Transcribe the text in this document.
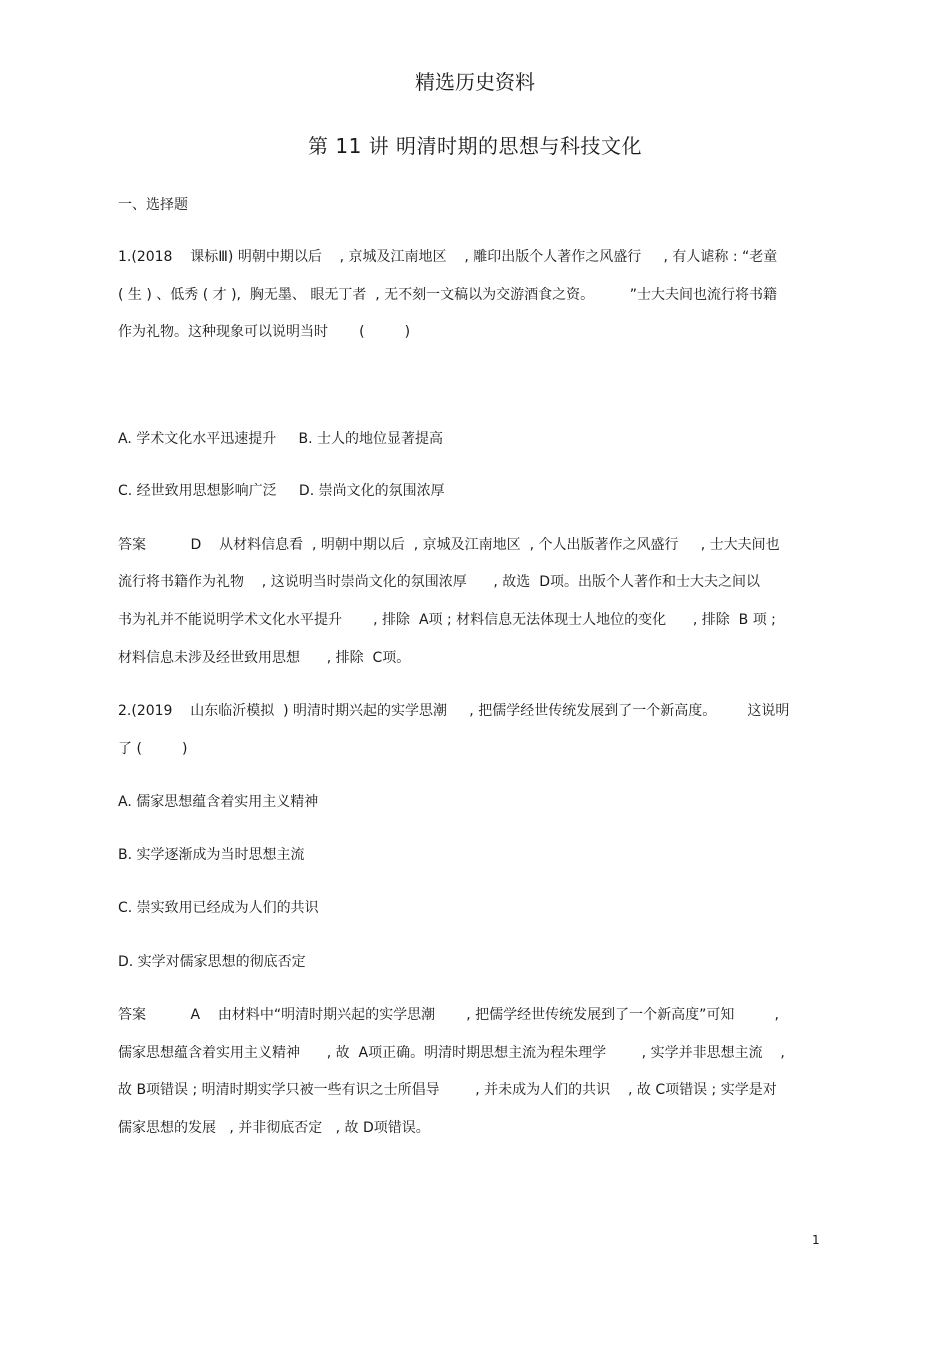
精选历史资料
第 11 讲 明清时期的思想与科技文化
一、选择题
1.(2018    课标Ⅲ) 明朝中期以后    , 京城及江南地区    , 雕印出版个人著作之风盛行     , 有人谑称 : “老童
( 生 ) 、低秀 ( 才 ),  胸无墨、 眼无丁者  , 无不刻一文稿以为交游酒食之资。        ”士大夫间也流行将书籍
作为礼物。这种现象可以说明当时       (         )
A. 学术文化水平迅速提升     B. 士人的地位显著提高
C. 经世致用思想影响广泛     D. 崇尚文化的氛围浓厚
答案          D    从材料信息看  , 明朝中期以后  , 京城及江南地区  , 个人出版著作之风盛行     , 士大夫间也
流行将书籍作为礼物    , 这说明当时崇尚文化的氛围浓厚      , 故选  D项。出版个人著作和士大夫之间以
书为礼并不能说明学术文化水平提升       , 排除  A项 ; 材料信息无法体现士人地位的变化      , 排除  B 项 ;
材料信息未涉及经世致用思想      , 排除  C项。
2.(2019    山东临沂模拟  ) 明清时期兴起的实学思潮     , 把儒学经世传统发展到了一个新高度。       这说明
了 (         )
A. 儒家思想蕴含着实用主义精神
B. 实学逐渐成为当时思想主流
C. 崇实致用已经成为人们的共识
D. 实学对儒家思想的彻底否定
答案          A    由材料中“明清时期兴起的实学思潮       , 把儒学经世传统发展到了一个新高度”可知         ,
儒家思想蕴含着实用主义精神      , 故  A项正确。明清时期思想主流为程朱理学        , 实学并非思想主流    ,
故 B项错误 ; 明清时期实学只被一些有识之士所倡导        , 并未成为人们的共识    , 故 C项错误 ; 实学是对
儒家思想的发展   , 并非彻底否定   , 故 D项错误。
1
